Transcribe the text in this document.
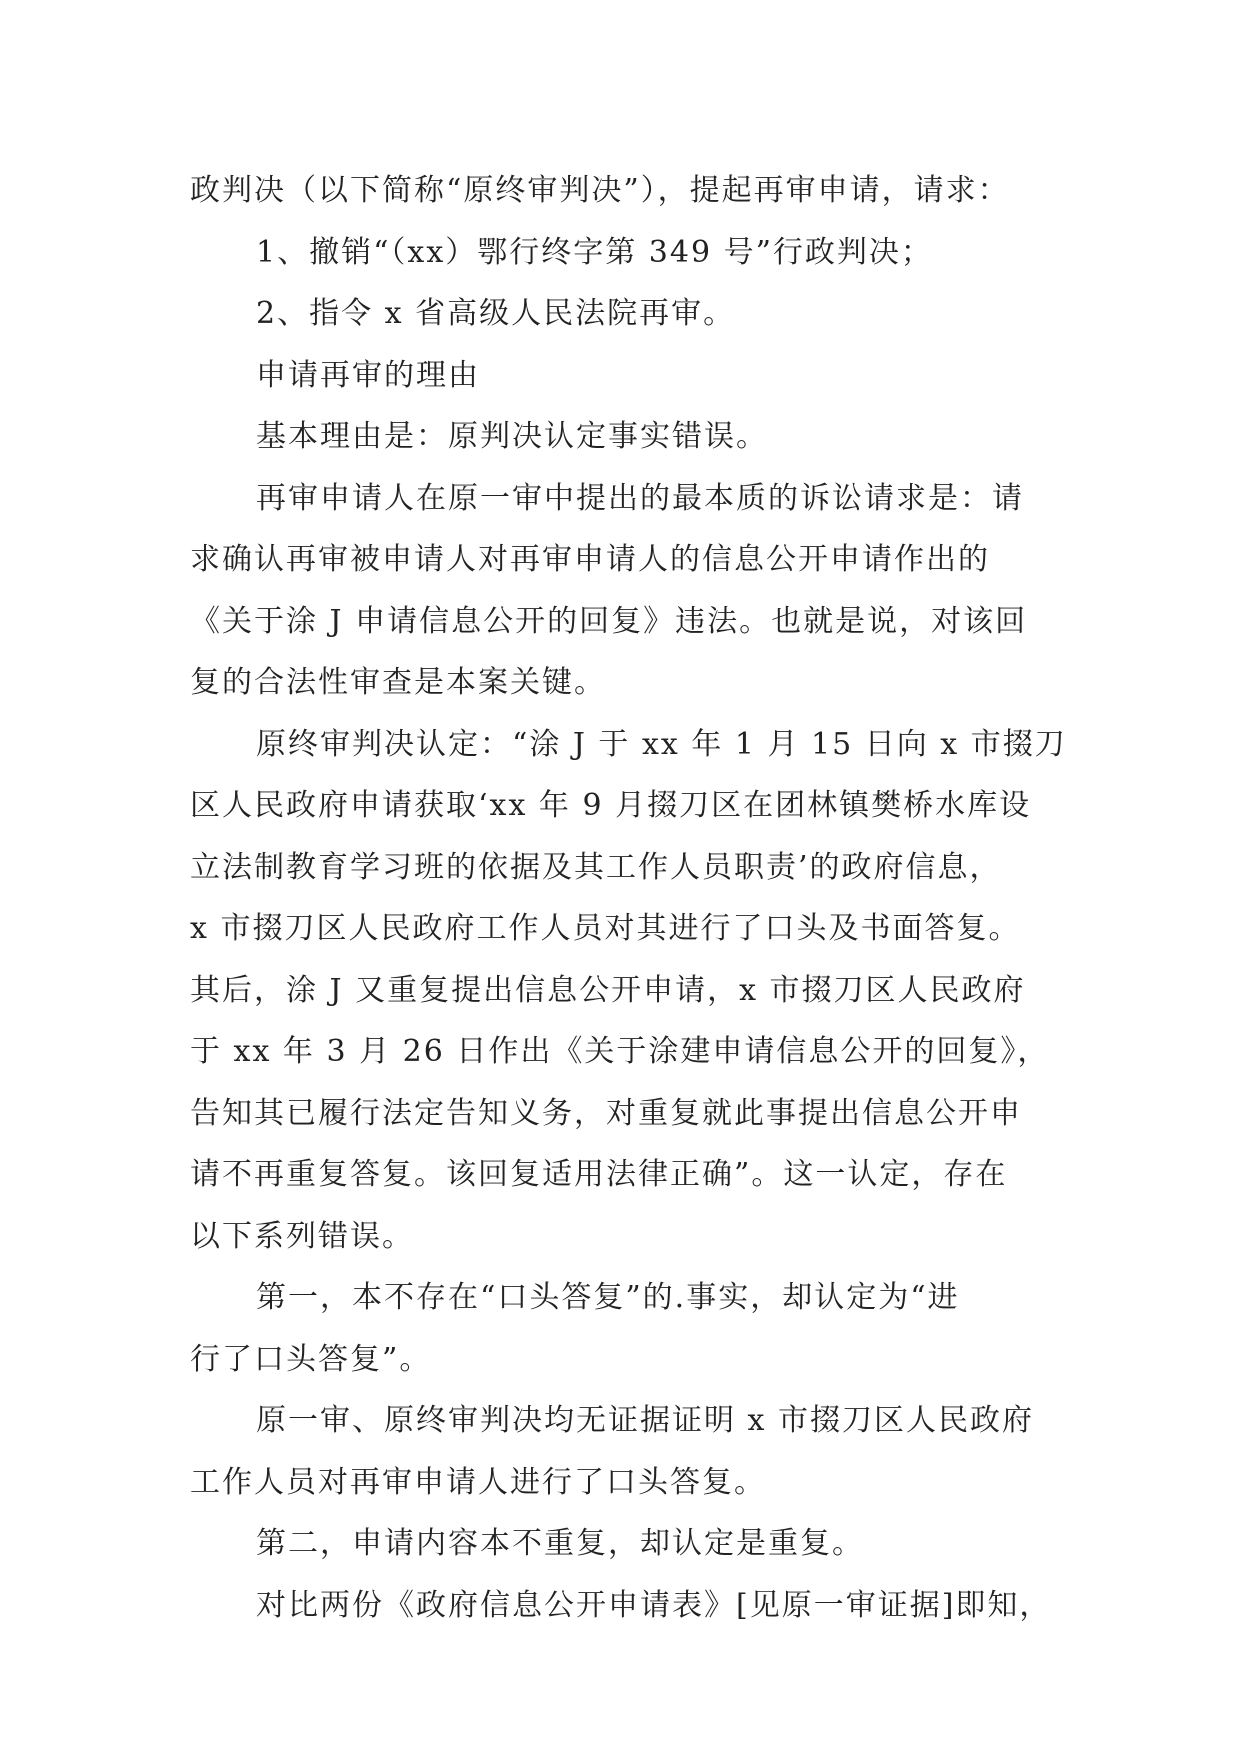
政判决（以下简称“原终审判决”），提起再审申请，请求：

1、撤销“（xx）鄂行终字第 349 号”行政判决；

2、指令 x 省高级人民法院再审。

申请再审的理由

基本理由是：原判决认定事实错误。

再审申请人在原一审中提出的最本质的诉讼请求是：请
求确认再审被申请人对再审申请人的信息公开申请作出的
《关于涂 J 申请信息公开的回复》违法。也就是说，对该回
复的合法性审查是本案关键。

原终审判决认定：“涂 J 于 xx 年 1 月 15 日向 x 市掇刀
区人民政府申请获取‘xx 年 9 月掇刀区在团林镇樊桥水库设
立法制教育学习班的依据及其工作人员职责’的政府信息，
x 市掇刀区人民政府工作人员对其进行了口头及书面答复。
其后，涂 J 又重复提出信息公开申请，x 市掇刀区人民政府
于 xx 年 3 月 26 日作出《关于涂建申请信息公开的回复》，
告知其已履行法定告知义务，对重复就此事提出信息公开申
请不再重复答复。该回复适用法律正确”。这一认定，存在
以下系列错误。

第一，本不存在“口头答复”的.事实，却认定为“进
行了口头答复”。

原一审、原终审判决均无证据证明 x 市掇刀区人民政府
工作人员对再审申请人进行了口头答复。

第二，申请内容本不重复，却认定是重复。

对比两份《政府信息公开申请表》[见原一审证据]即知，
